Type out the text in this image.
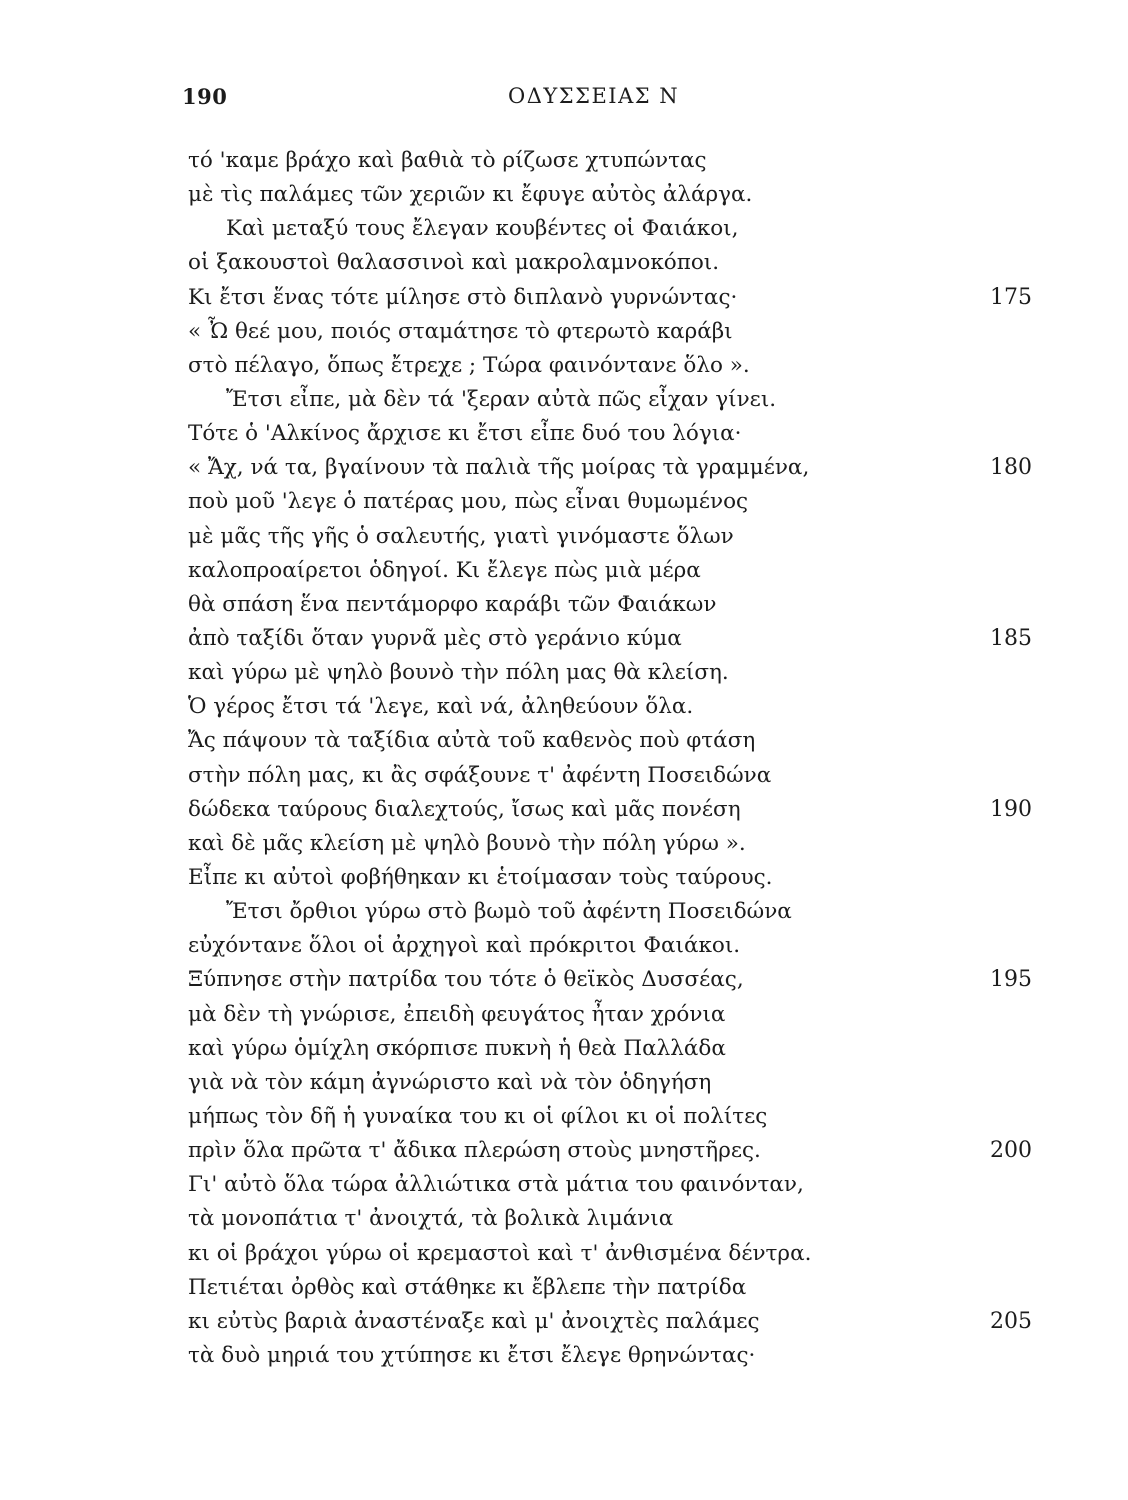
190	ΟΔΥΣΣΕΙΑΣ Ν
τό 'καμε βράχο καὶ βαθιὰ τὸ ρίζωσε χτυπώντας
μὲ τὶς παλάμες τῶν χεριῶν κι ἔφυγε αὐτὸς ἀλάργα.
Καὶ μεταξύ τους ἔλεγαν κουβέντες οἱ Φαιάκοι,
οἱ ξακουστοὶ θαλασσινοὶ καὶ μακρολαμνοκόποι.
Κι ἔτσι ἕνας τότε μίλησε στὸ διπλανὸ γυρνώντας·	175
« Ὦ θεέ μου, ποιός σταμάτησε τὸ φτερωτὸ καράβι
στὸ πέλαγο, ὅπως ἔτρεχε ; Τώρα φαινόντανε ὅλο ».
Ἔτσι εἶπε, μὰ δὲν τά 'ξεραν αὐτὰ πῶς εἶχαν γίνει.
Τότε ὁ 'Αλκίνος ἄρχισε κι ἔτσι εἶπε δυό του λόγια·
« Ἄχ, νά τα, βγαίνουν τὰ παλιὰ τῆς μοίρας τὰ γραμμένα,	180
ποὺ μοῦ 'λεγε ὁ πατέρας μου, πὼς εἶναι θυμωμένος
μὲ μᾶς τῆς γῆς ὁ σαλευτής, γιατὶ γινόμαστε ὅλων
καλοπροαίρετοι ὁδηγοί. Κι ἔλεγε πὼς μιὰ μέρα
θὰ σπάση ἕνα πεντάμορφο καράβι τῶν Φαιάκων
ἀπὸ ταξίδι ὅταν γυρνᾶ μὲς στὸ γεράνιο κύμα	185
καὶ γύρω μὲ ψηλὸ βουνὸ τὴν πόλη μας θὰ κλείση.
Ὁ γέρος ἔτσι τά 'λεγε, καὶ νά, ἀληθεύουν ὅλα.
Ἄς πάψουν τὰ ταξίδια αὐτὰ τοῦ καθενὸς ποὺ φτάση
στὴν πόλη μας, κι ἂς σφάξουνε τ' ἀφέντη Ποσειδώνα
δώδεκα ταύρους διαλεχτούς, ἴσως καὶ μᾶς πονέση	190
καὶ δὲ μᾶς κλείση μὲ ψηλὸ βουνὸ τὴν πόλη γύρω ».
Εἶπε κι αὐτοὶ φοβήθηκαν κι ἑτοίμασαν τοὺς ταύρους.
Ἔτσι ὄρθιοι γύρω στὸ βωμὸ τοῦ ἀφέντη Ποσειδώνα
εὐχόντανε ὅλοι οἱ ἀρχηγοὶ καὶ πρόκριτοι Φαιάκοι.
Ξύπνησε στὴν πατρίδα του τότε ὁ θεϊκὸς Δυσσέας,	195
μὰ δὲν τὴ γνώρισε, ἐπειδὴ φευγάτος ἦταν χρόνια
καὶ γύρω ὁμίχλη σκόρπισε πυκνὴ ἡ θεὰ Παλλάδα
γιὰ νὰ τὸν κάμη ἀγνώριστο καὶ νὰ τὸν ὁδηγήση
μήπως τὸν δῆ ἡ γυναίκα του κι οἱ φίλοι κι οἱ πολίτες
πρὶν ὅλα πρῶτα τ' ἄδικα πλερώση στοὺς μνηστῆρες.	200
Γι' αὐτὸ ὅλα τώρα ἀλλιώτικα στὰ μάτια του φαινόνταν,
τὰ μονοπάτια τ' ἀνοιχτά, τὰ βολικὰ λιμάνια
κι οἱ βράχοι γύρω οἱ κρεμαστοὶ καὶ τ' ἀνθισμένα δέντρα.
Πετιέται ὀρθὸς καὶ στάθηκε κι ἔβλεπε τὴν πατρίδα
κι εὐτὺς βαριὰ ἀναστέναξε καὶ μ' ἀνοιχτὲς παλάμες	205
τὰ δυὸ μηριά του χτύπησε κι ἔτσι ἔλεγε θρηνώντας·
